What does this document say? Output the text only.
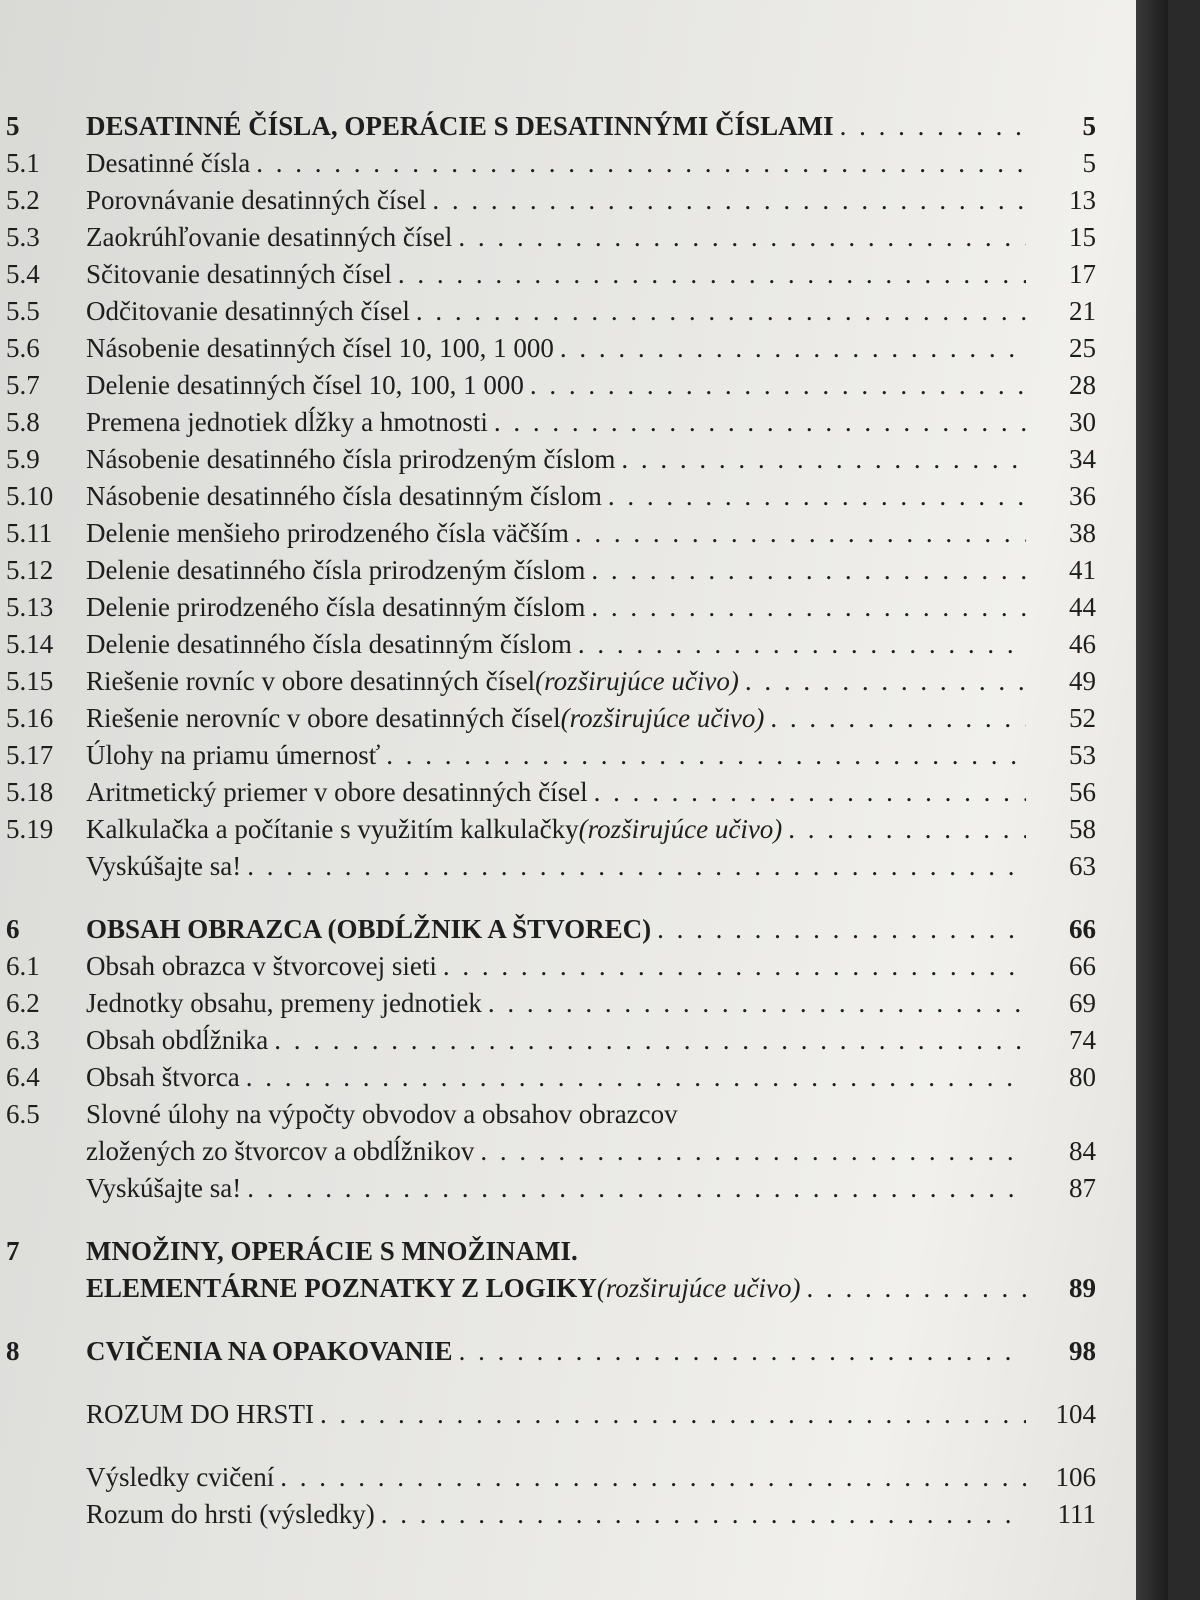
5	DESATINNÉ ČÍSLA, OPERÁCIE S DESATINNÝMI ČÍSLAMI . . .	5
5.1	Desatinné čísla . . .	5
5.2	Porovnávanie desatinných čísel . . .	13
5.3	Zaokrúhľovanie desatinných čísel . . .	15
5.4	Sčitovanie desatinných čísel . . .	17
5.5	Odčitovanie desatinných čísel . . .	21
5.6	Násobenie desatinných čísel 10, 100, 1 000 . . .	25
5.7	Delenie desatinných čísel 10, 100, 1 000 . . .	28
5.8	Premena jednotiek dĺžky a hmotnosti . . .	30
5.9	Násobenie desatinného čísla prirodzeným číslom . . .	34
5.10	Násobenie desatinného čísla desatinným číslom . . .	36
5.11	Delenie menšieho prirodzeného čísla väčším . . .	38
5.12	Delenie desatinného čísla prirodzeným číslom . . .	41
5.13	Delenie prirodzeného čísla desatinným číslom . . .	44
5.14	Delenie desatinného čísla desatinným číslom . . .	46
5.15	Riešenie rovníc v obore desatinných čísel (rozširujúce učivo) . . .	49
5.16	Riešenie nerovníc v obore desatinných čísel (rozširujúce učivo) . . .	52
5.17	Úlohy na priamu úmernosť . . .	53
5.18	Aritmetický priemer v obore desatinných čísel . . .	56
5.19	Kalkulačka a počítanie s využitím kalkulačky (rozširujúce učivo) . . .	58
Vyskúšajte sa! . . .	63
6	OBSAH OBRAZCA (OBDĹŽNIK A ŠTVOREC) . . .	66
6.1	Obsah obrazca v štvorcovej sieti . . .	66
6.2	Jednotky obsahu, premeny jednotiek . . .	69
6.3	Obsah obdĺžnika . . .	74
6.4	Obsah štvorca . . .	80
6.5	Slovné úlohy na výpočty obvodov a obsahov obrazcov
zložených zo štvorcov a obdĺžnikov . . .	84
Vyskúšajte sa! . . .	87
7	MNOŽINY, OPERÁCIE S MNOŽINAMI.
ELEMENTÁRNE POZNATKY Z LOGIKY (rozširujúce učivo) . . .	89
8	CVIČENIA NA OPAKOVANIE . . .	98
ROZUM DO HRSTI . . .	104
Výsledky cvičení . . .	106
Rozum do hrsti (výsledky) . . .	111
